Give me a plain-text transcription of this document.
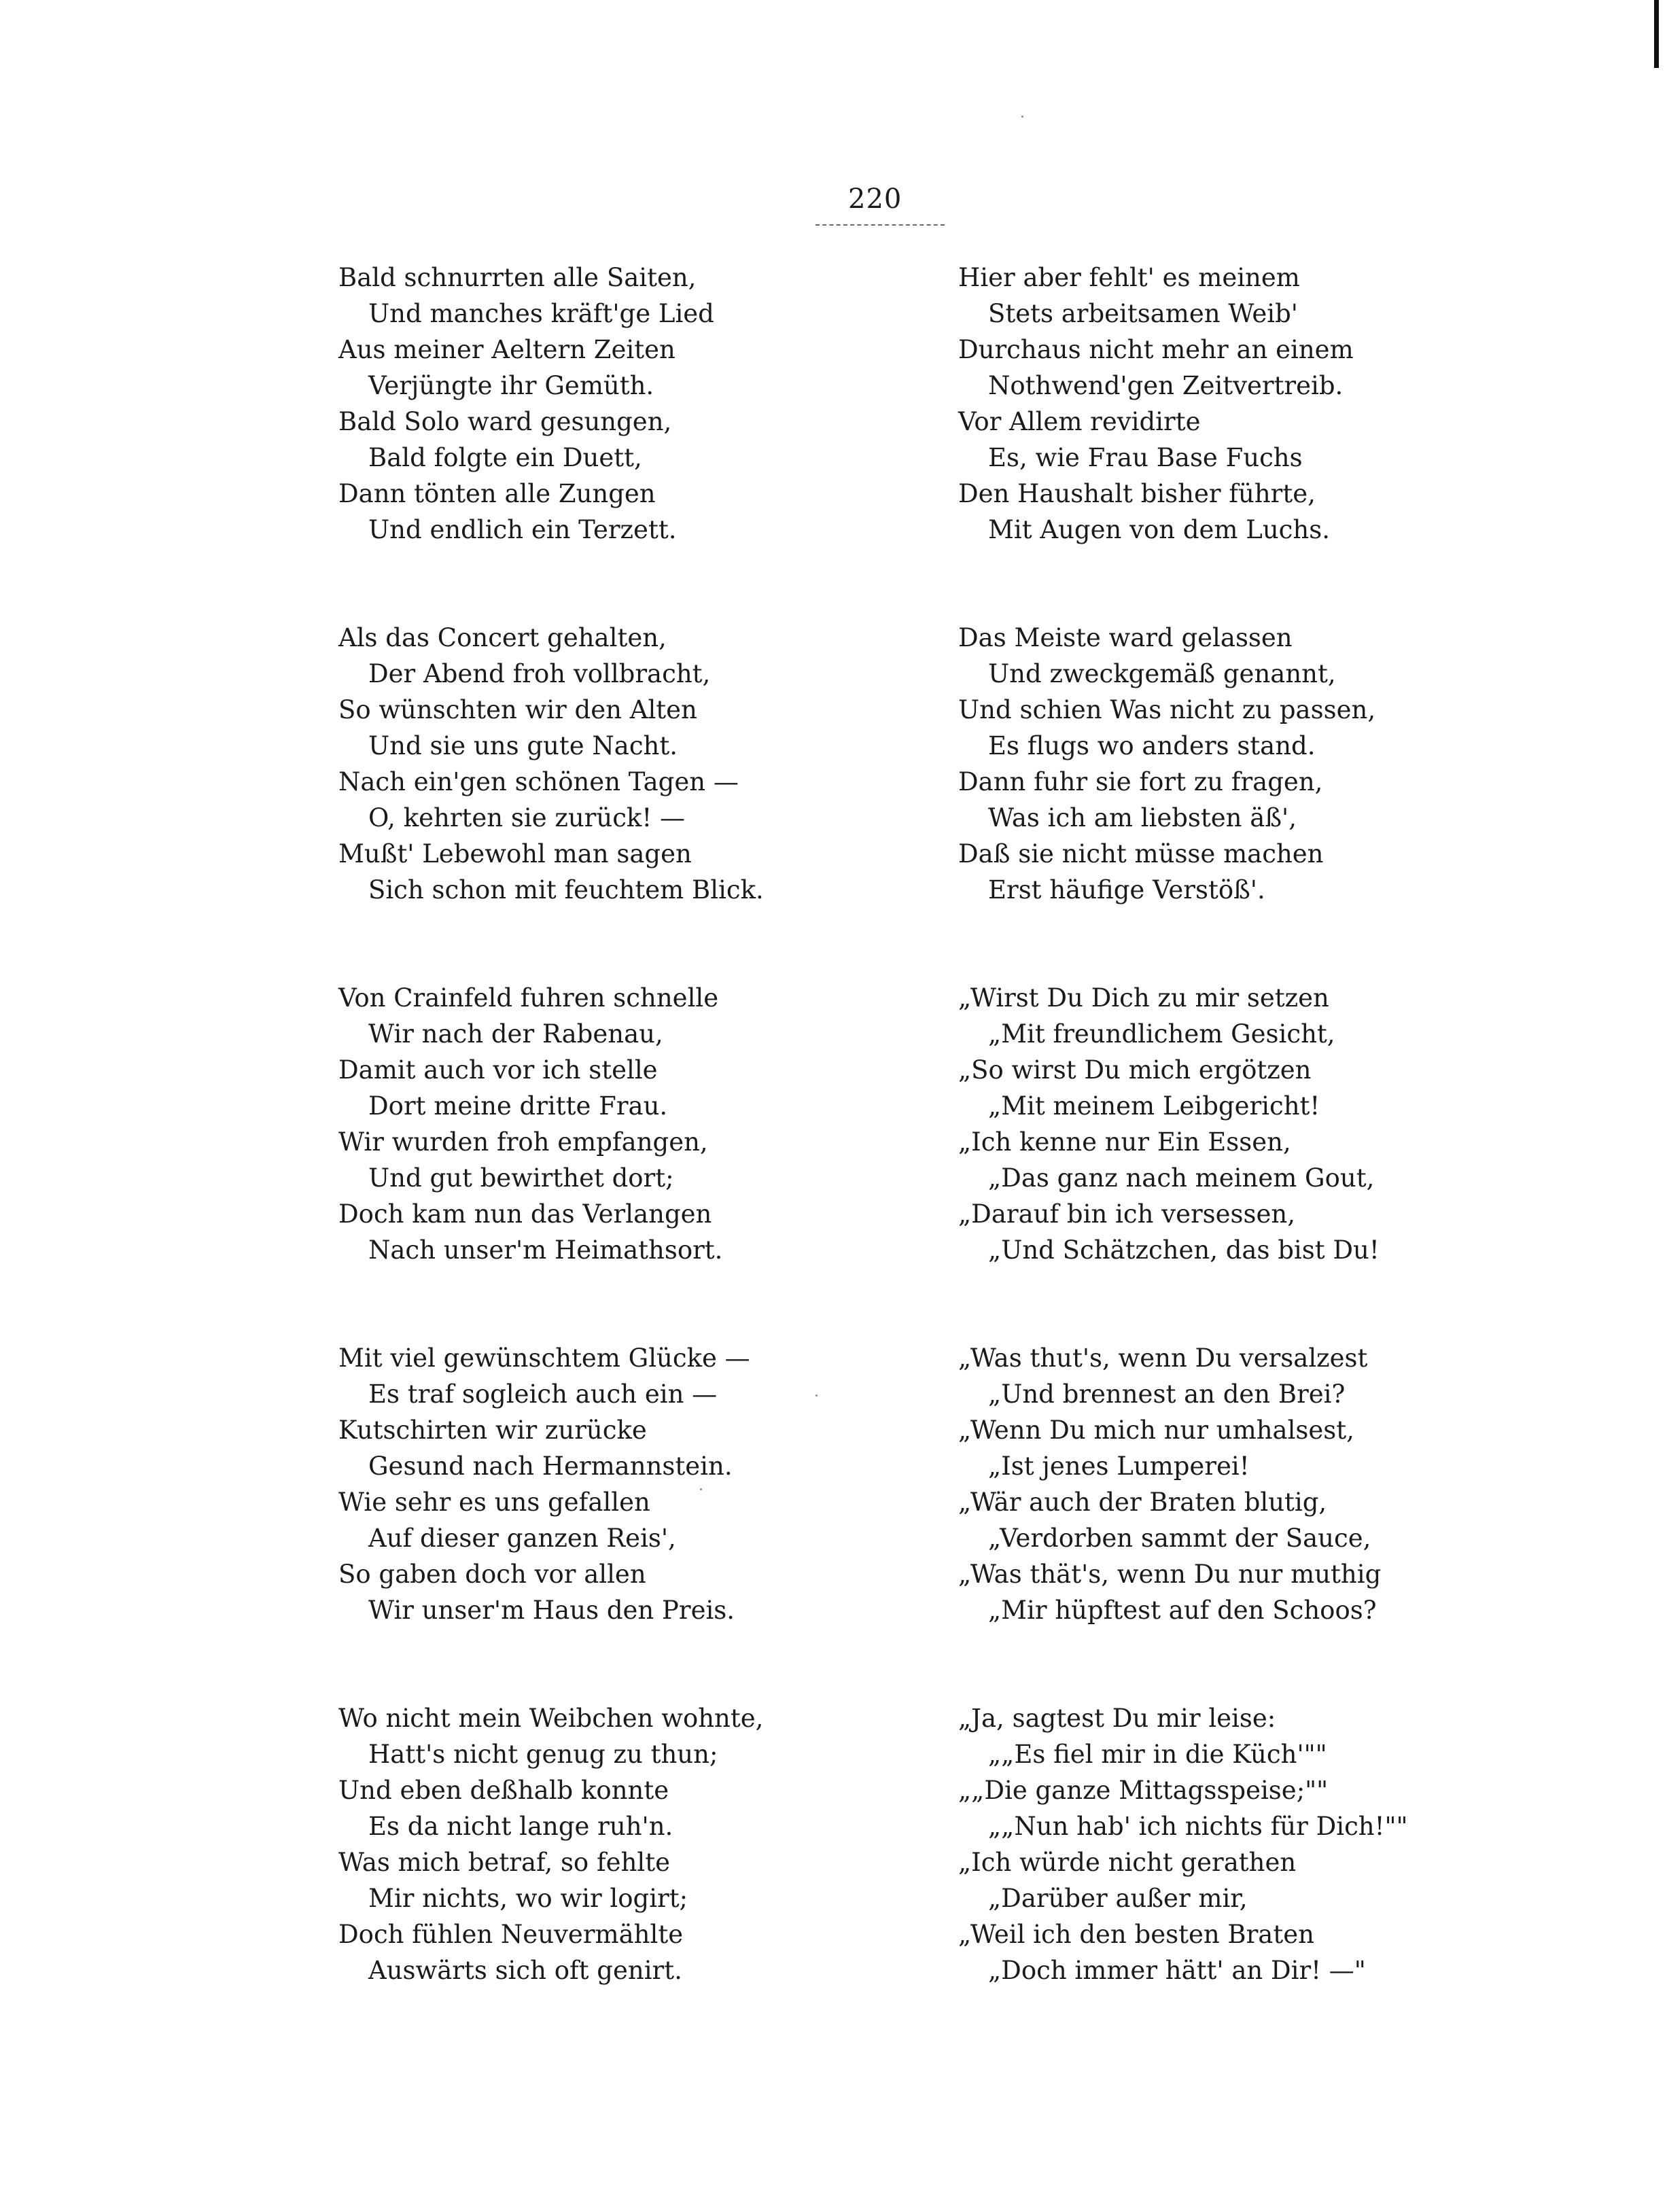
220
Bald schnurrten alle Saiten,
Und manches kräft'ge Lied
Aus meiner Aeltern Zeiten
Verjüngte ihr Gemüth.
Bald Solo ward gesungen,
Bald folgte ein Duett,
Dann tönten alle Zungen
Und endlich ein Terzett.
Als das Concert gehalten,
Der Abend froh vollbracht,
So wünschten wir den Alten
Und sie uns gute Nacht.
Nach ein'gen schönen Tagen —
O, kehrten sie zurück! —
Mußt' Lebewohl man sagen
Sich schon mit feuchtem Blick.
Von Crainfeld fuhren schnelle
Wir nach der Rabenau,
Damit auch vor ich stelle
Dort meine dritte Frau.
Wir wurden froh empfangen,
Und gut bewirthet dort;
Doch kam nun das Verlangen
Nach unser'm Heimathsort.
Mit viel gewünschtem Glücke —
Es traf sogleich auch ein —
Kutschirten wir zurücke
Gesund nach Hermannstein.
Wie sehr es uns gefallen
Auf dieser ganzen Reis',
So gaben doch vor allen
Wir unser'm Haus den Preis.
Wo nicht mein Weibchen wohnte,
Hatt's nicht genug zu thun;
Und eben deßhalb konnte
Es da nicht lange ruh'n.
Was mich betraf, so fehlte
Mir nichts, wo wir logirt;
Doch fühlen Neuvermählte
Auswärts sich oft genirt.
Hier aber fehlt' es meinem
Stets arbeitsamen Weib'
Durchaus nicht mehr an einem
Nothwend'gen Zeitvertreib.
Vor Allem revidirte
Es, wie Frau Base Fuchs
Den Haushalt bisher führte,
Mit Augen von dem Luchs.
Das Meiste ward gelassen
Und zweckgemäß genannt,
Und schien Was nicht zu passen,
Es flugs wo anders stand.
Dann fuhr sie fort zu fragen,
Was ich am liebsten äß',
Daß sie nicht müsse machen
Erst häufige Verstöß'.
„Wirst Du Dich zu mir setzen
„Mit freundlichem Gesicht,
„So wirst Du mich ergötzen
„Mit meinem Leibgericht!
„Ich kenne nur Ein Essen,
„Das ganz nach meinem Gout,
„Darauf bin ich versessen,
„Und Schätzchen, das bist Du!
„Was thut's, wenn Du versalzest
„Und brennest an den Brei?
„Wenn Du mich nur umhalsest,
„Ist jenes Lumperei!
„Wär auch der Braten blutig,
„Verdorben sammt der Sauce,
„Was thät's, wenn Du nur muthig
„Mir hüpftest auf den Schoos?
„Ja, sagtest Du mir leise:
„„Es fiel mir in die Küch'""
„„Die ganze Mittagsspeise;""
„„Nun hab' ich nichts für Dich!""
„Ich würde nicht gerathen
„Darüber außer mir,
„Weil ich den besten Braten
„Doch immer hätt' an Dir! —"
